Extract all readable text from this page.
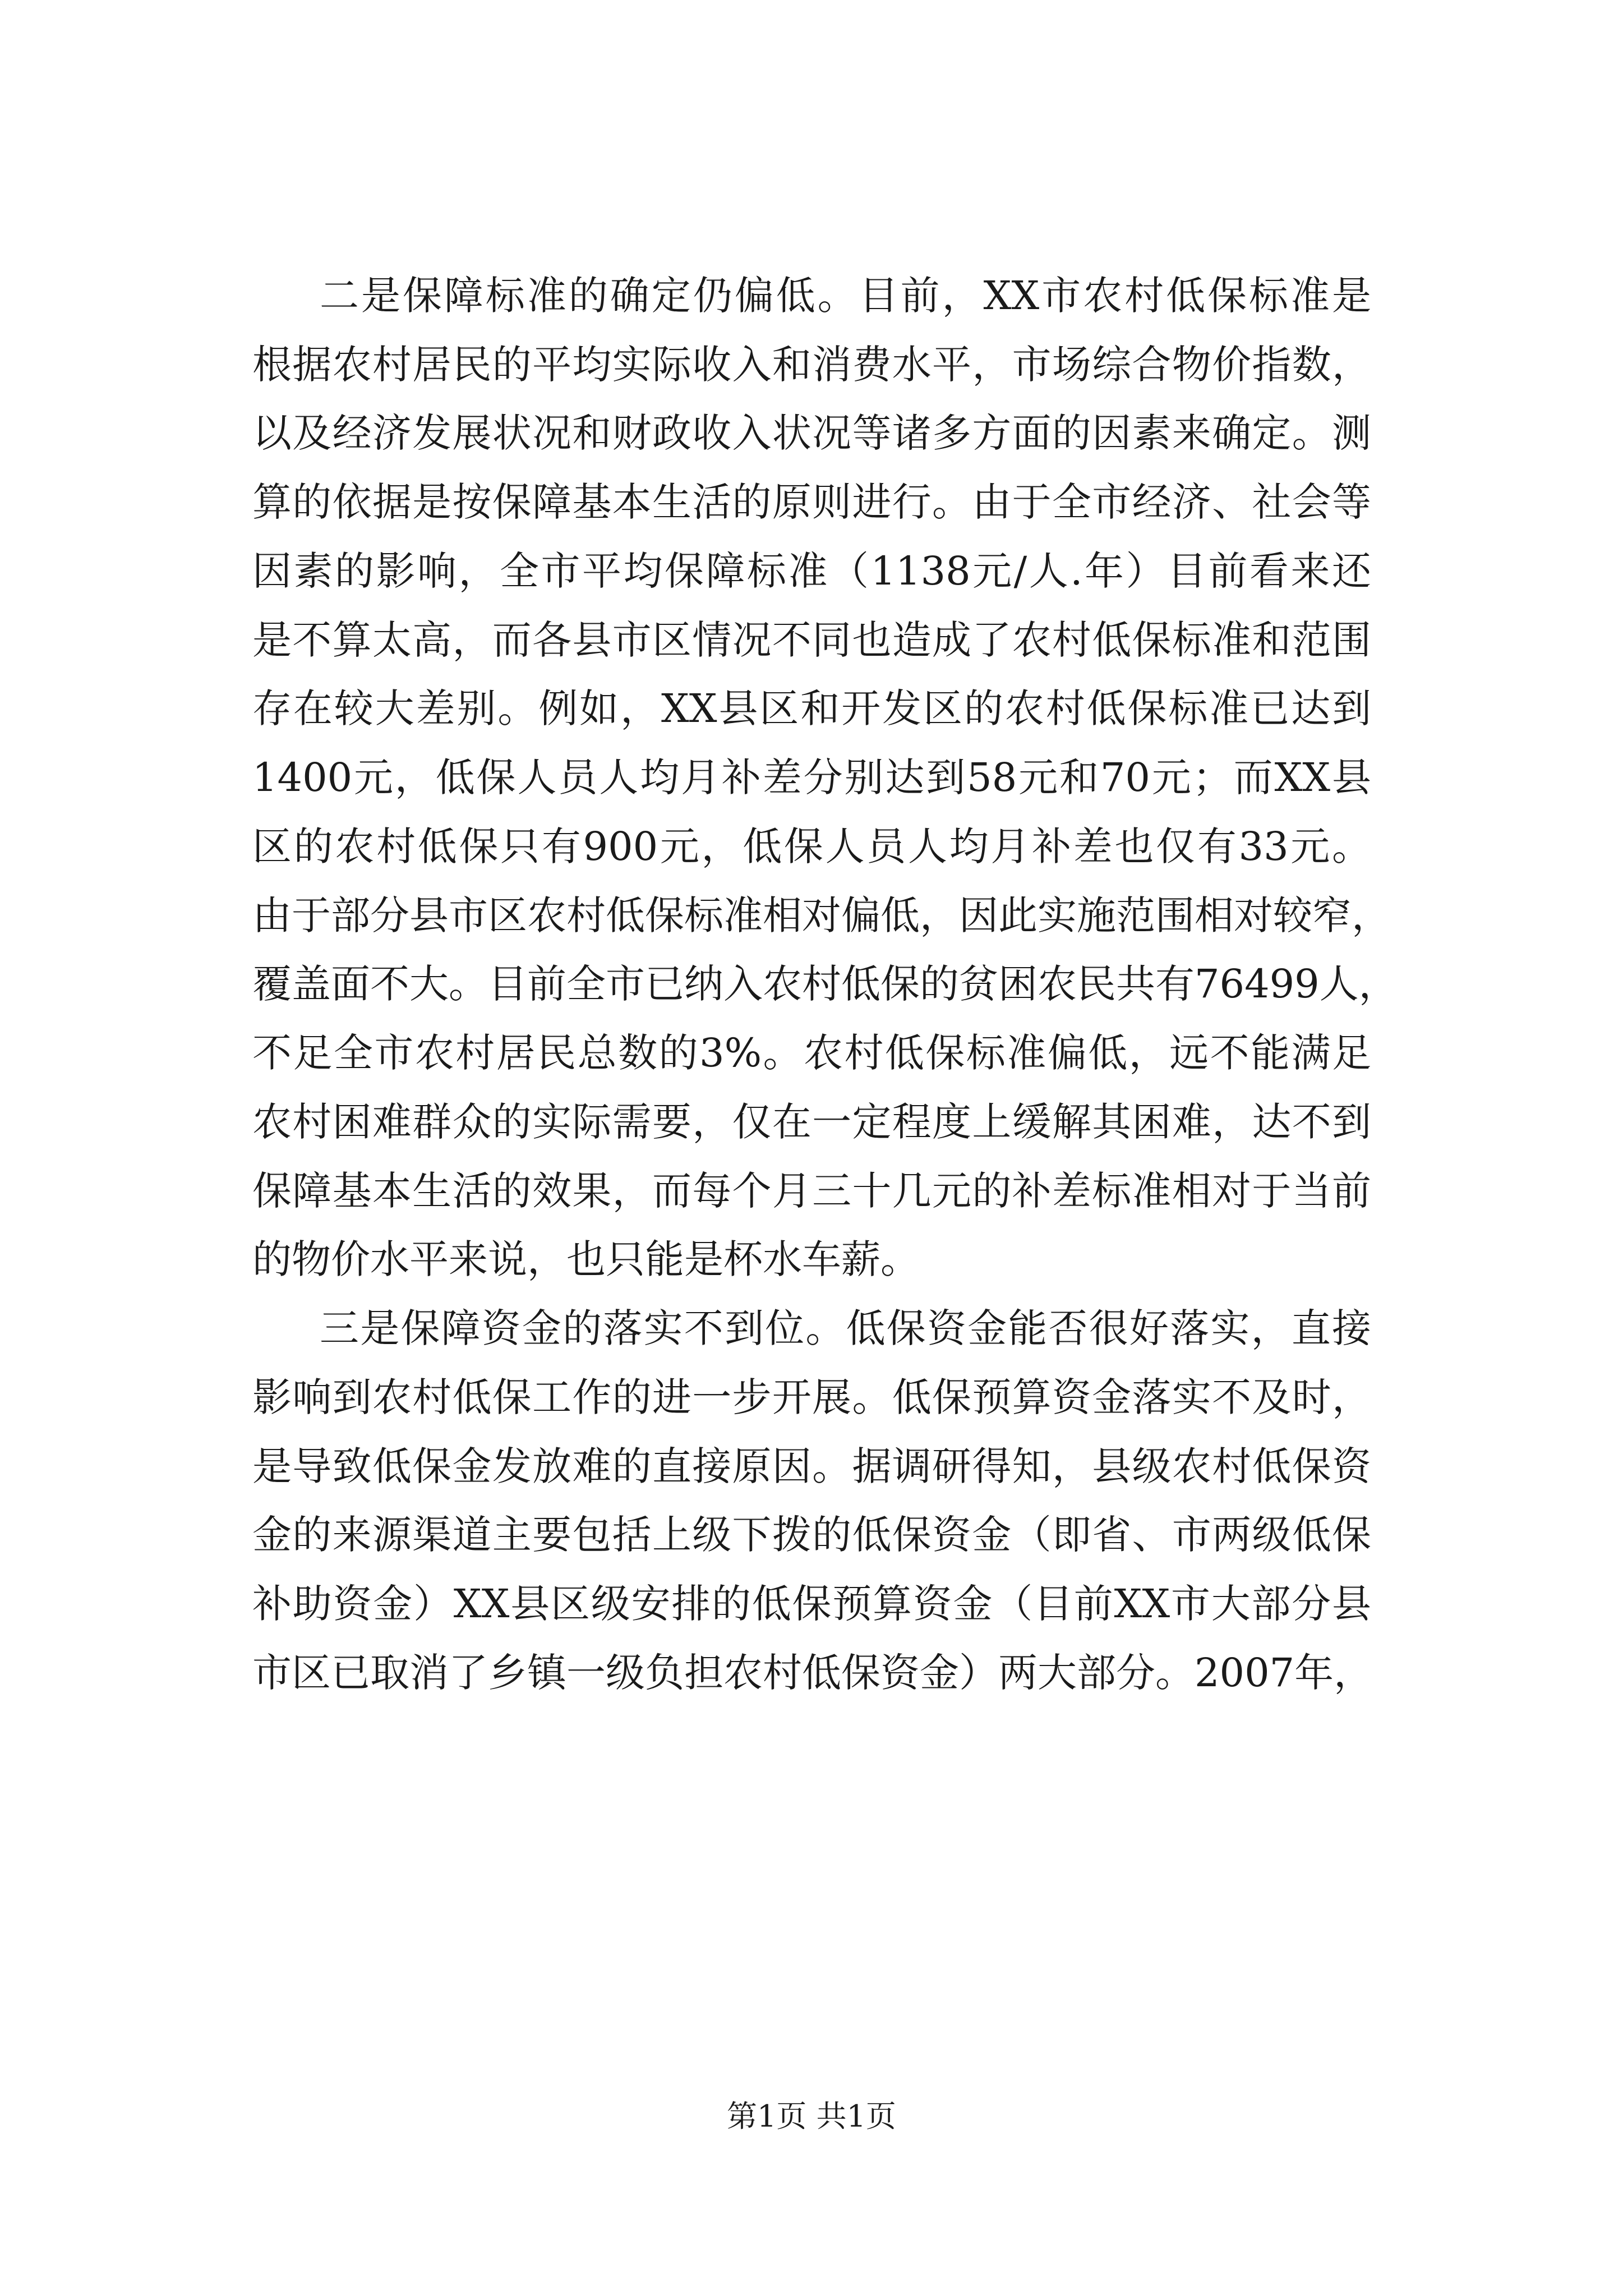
二是保障标准的确定仍偏低。目前，XX市农村低保标准是
根据农村居民的平均实际收入和消费水平，市场综合物价指数，
以及经济发展状况和财政收入状况等诸多方面的因素来确定。测
算的依据是按保障基本生活的原则进行。由于全市经济、社会等
因素的影响，全市平均保障标准（1138元/人.年）目前看来还
是不算太高，而各县市区情况不同也造成了农村低保标准和范围
存在较大差别。例如，XX县区和开发区的农村低保标准已达到
1400元，低保人员人均月补差分别达到58元和70元；而XX县
区的农村低保只有900元，低保人员人均月补差也仅有33元。
由于部分县市区农村低保标准相对偏低，因此实施范围相对较窄，
覆盖面不大。目前全市已纳入农村低保的贫困农民共有76499人，
不足全市农村居民总数的3%。农村低保标准偏低，远不能满足
农村困难群众的实际需要，仅在一定程度上缓解其困难，达不到
保障基本生活的效果，而每个月三十几元的补差标准相对于当前
的物价水平来说，也只能是杯水车薪。
三是保障资金的落实不到位。低保资金能否很好落实，直接
影响到农村低保工作的进一步开展。低保预算资金落实不及时，
是导致低保金发放难的直接原因。据调研得知，县级农村低保资
金的来源渠道主要包括上级下拨的低保资金（即省、市两级低保
补助资金）XX县区级安排的低保预算资金（目前XX市大部分县
市区已取消了乡镇一级负担农村低保资金）两大部分。2007年，
第1页 共1页
